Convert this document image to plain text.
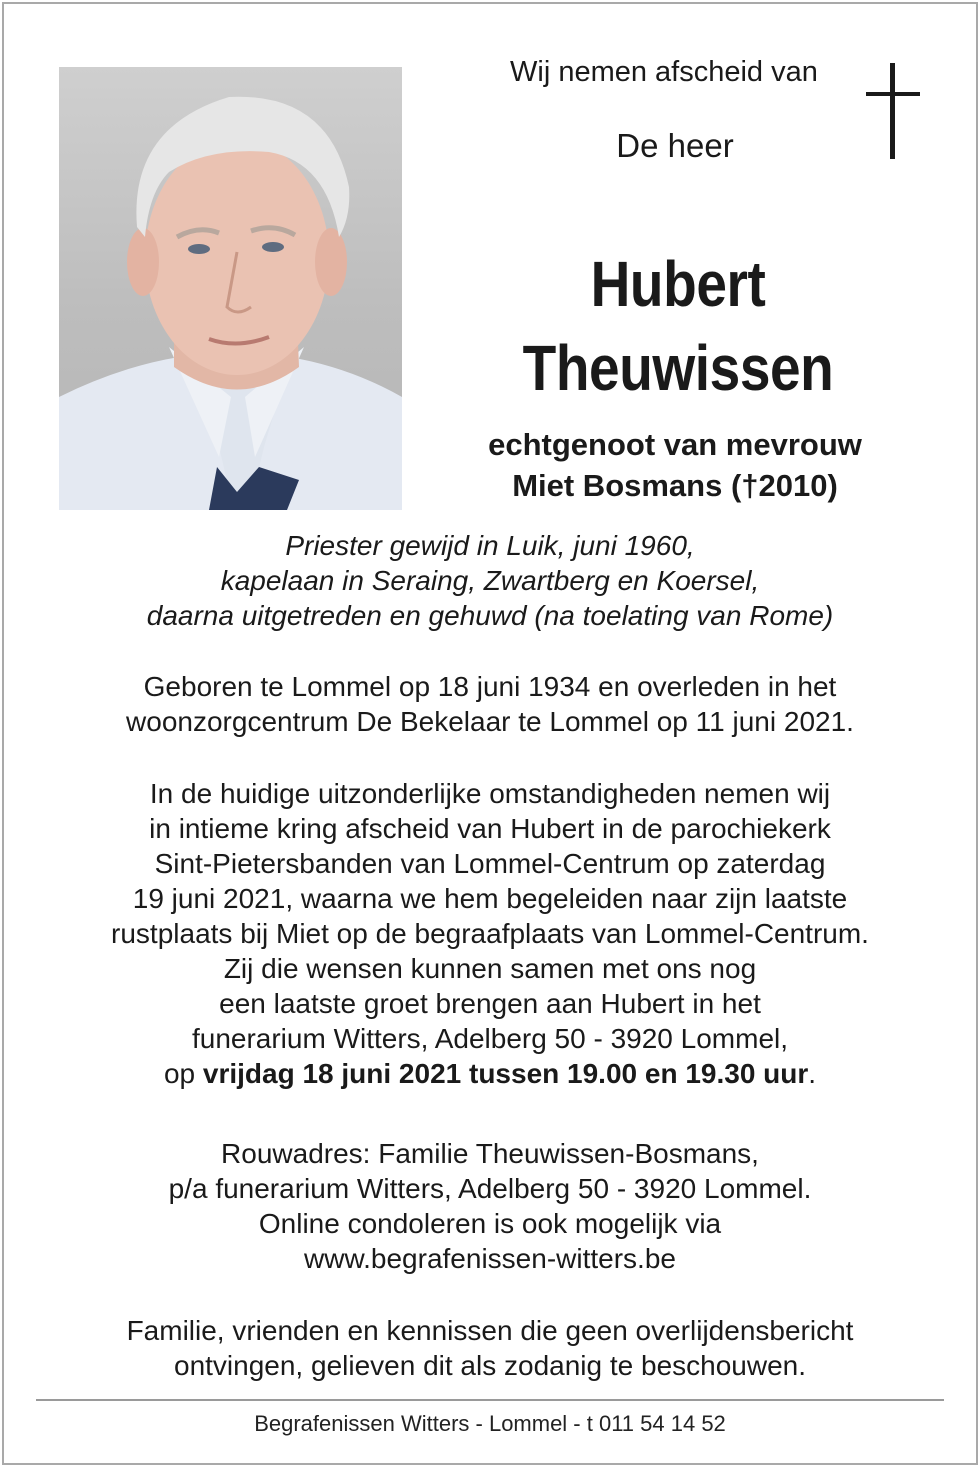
Wij nemen afscheid van
De heer
Hubert
Theuwissen
echtgenoot van mevrouw
Miet Bosmans (†2010)

Priester gewijd in Luik, juni 1960,

kapelaan in Seraing, Zwartberg en Koersel,

daarna uitgetreden en gehuwd (na toelating van Rome)

Geboren te Lommel op 18 juni 1934 en overleden in het

woonzorgcentrum De Bekelaar te Lommel op 11 juni 2021.

In de huidige uitzonderlijke omstandigheden nemen wij

in intieme kring afscheid van Hubert in de parochiekerk

Sint-Pietersbanden van Lommel-Centrum op zaterdag

19 juni 2021, waarna we hem begeleiden naar zijn laatste

rustplaats bij Miet op de begraafplaats van Lommel-Centrum.

Zij die wensen kunnen samen met ons nog

een laatste groet brengen aan Hubert in het

funerarium Witters, Adelberg 50 - 3920 Lommel,

op vrijdag 18 juni 2021 tussen 19.00 en 19.30 uur.

Rouwadres: Familie Theuwissen-Bosmans,

p/a funerarium Witters, Adelberg 50 - 3920 Lommel.

Online condoleren is ook mogelijk via

www.begrafenissen-witters.be

Familie, vrienden en kennissen die geen overlijdensbericht

ontvingen, gelieven dit als zodanig te beschouwen.

Begrafenissen Witters - Lommel - t 011 54 14 52
